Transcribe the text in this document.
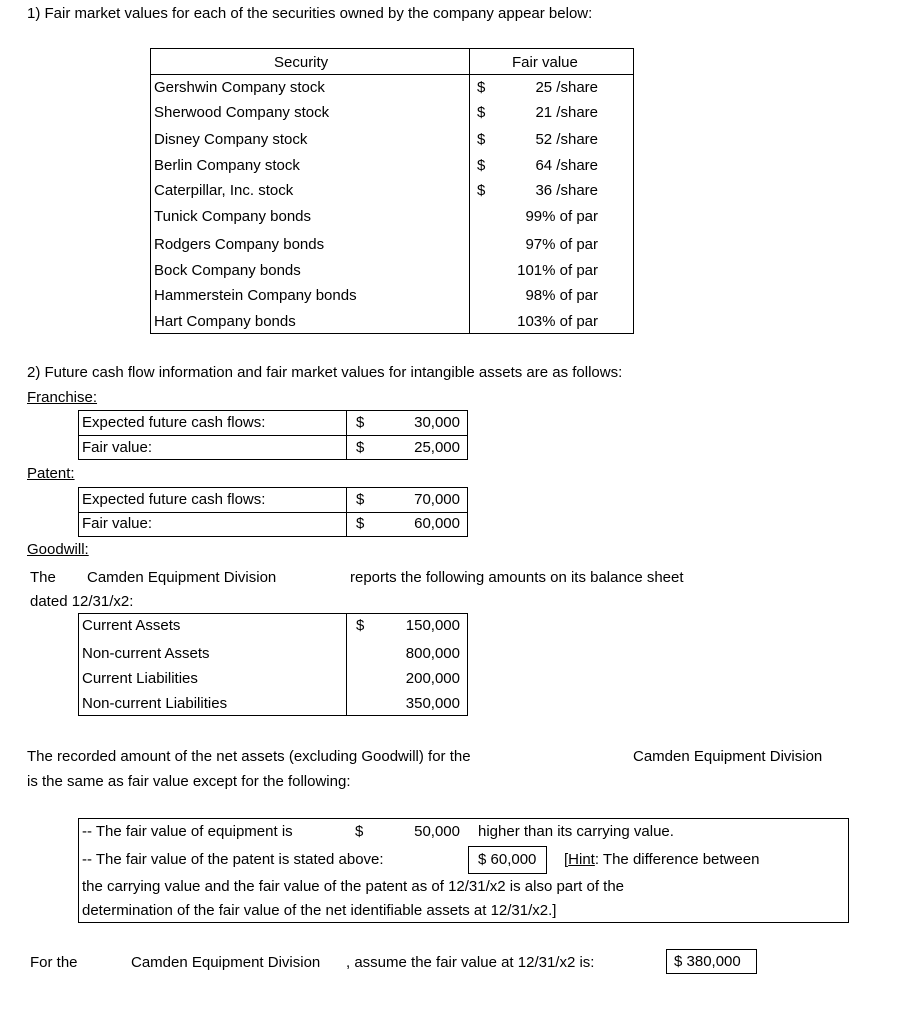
1) Fair market values for each of the securities owned by the company appear below:
Security	Fair value
Gershwin Company stock	$	25 /share
Sherwood Company stock	$	21 /share
Disney Company stock	$	52 /share
Berlin Company stock	$	64 /share
Caterpillar, Inc. stock	$	36 /share
Tunick Company bonds	99% of par
Rodgers Company bonds	97% of par
Bock Company bonds	101% of par
Hammerstein Company bonds	98% of par
Hart Company bonds	103% of par
2) Future cash flow information and fair market values for intangible assets are as follows:
Franchise:
Expected future cash flows:	$	30,000
Fair value:	$	25,000
Patent:
Expected future cash flows:	$	70,000
Fair value:	$	60,000
Goodwill:
The Camden Equipment Division	reports the following amounts on its balance sheet
dated 12/31/x2:
Current Assets	$	150,000
Non-current Assets	800,000
Current Liabilities	200,000
Non-current Liabilities	350,000
The recorded amount of the net assets (excluding Goodwill) for the	Camden Equipment Division
is the same as fair value except for the following:
-- The fair value of equipment is	$	50,000 higher than its carrying value.
-- The fair value of the patent is stated above:	$ 60,000 [Hint: The difference between
the carrying value and the fair value of the patent as of 12/31/x2 is also part of the
determination of the fair value of the net identifiable assets at 12/31/x2.]
For the	Camden Equipment Division , assume the fair value at 12/31/x2 is:	$ 380,000
